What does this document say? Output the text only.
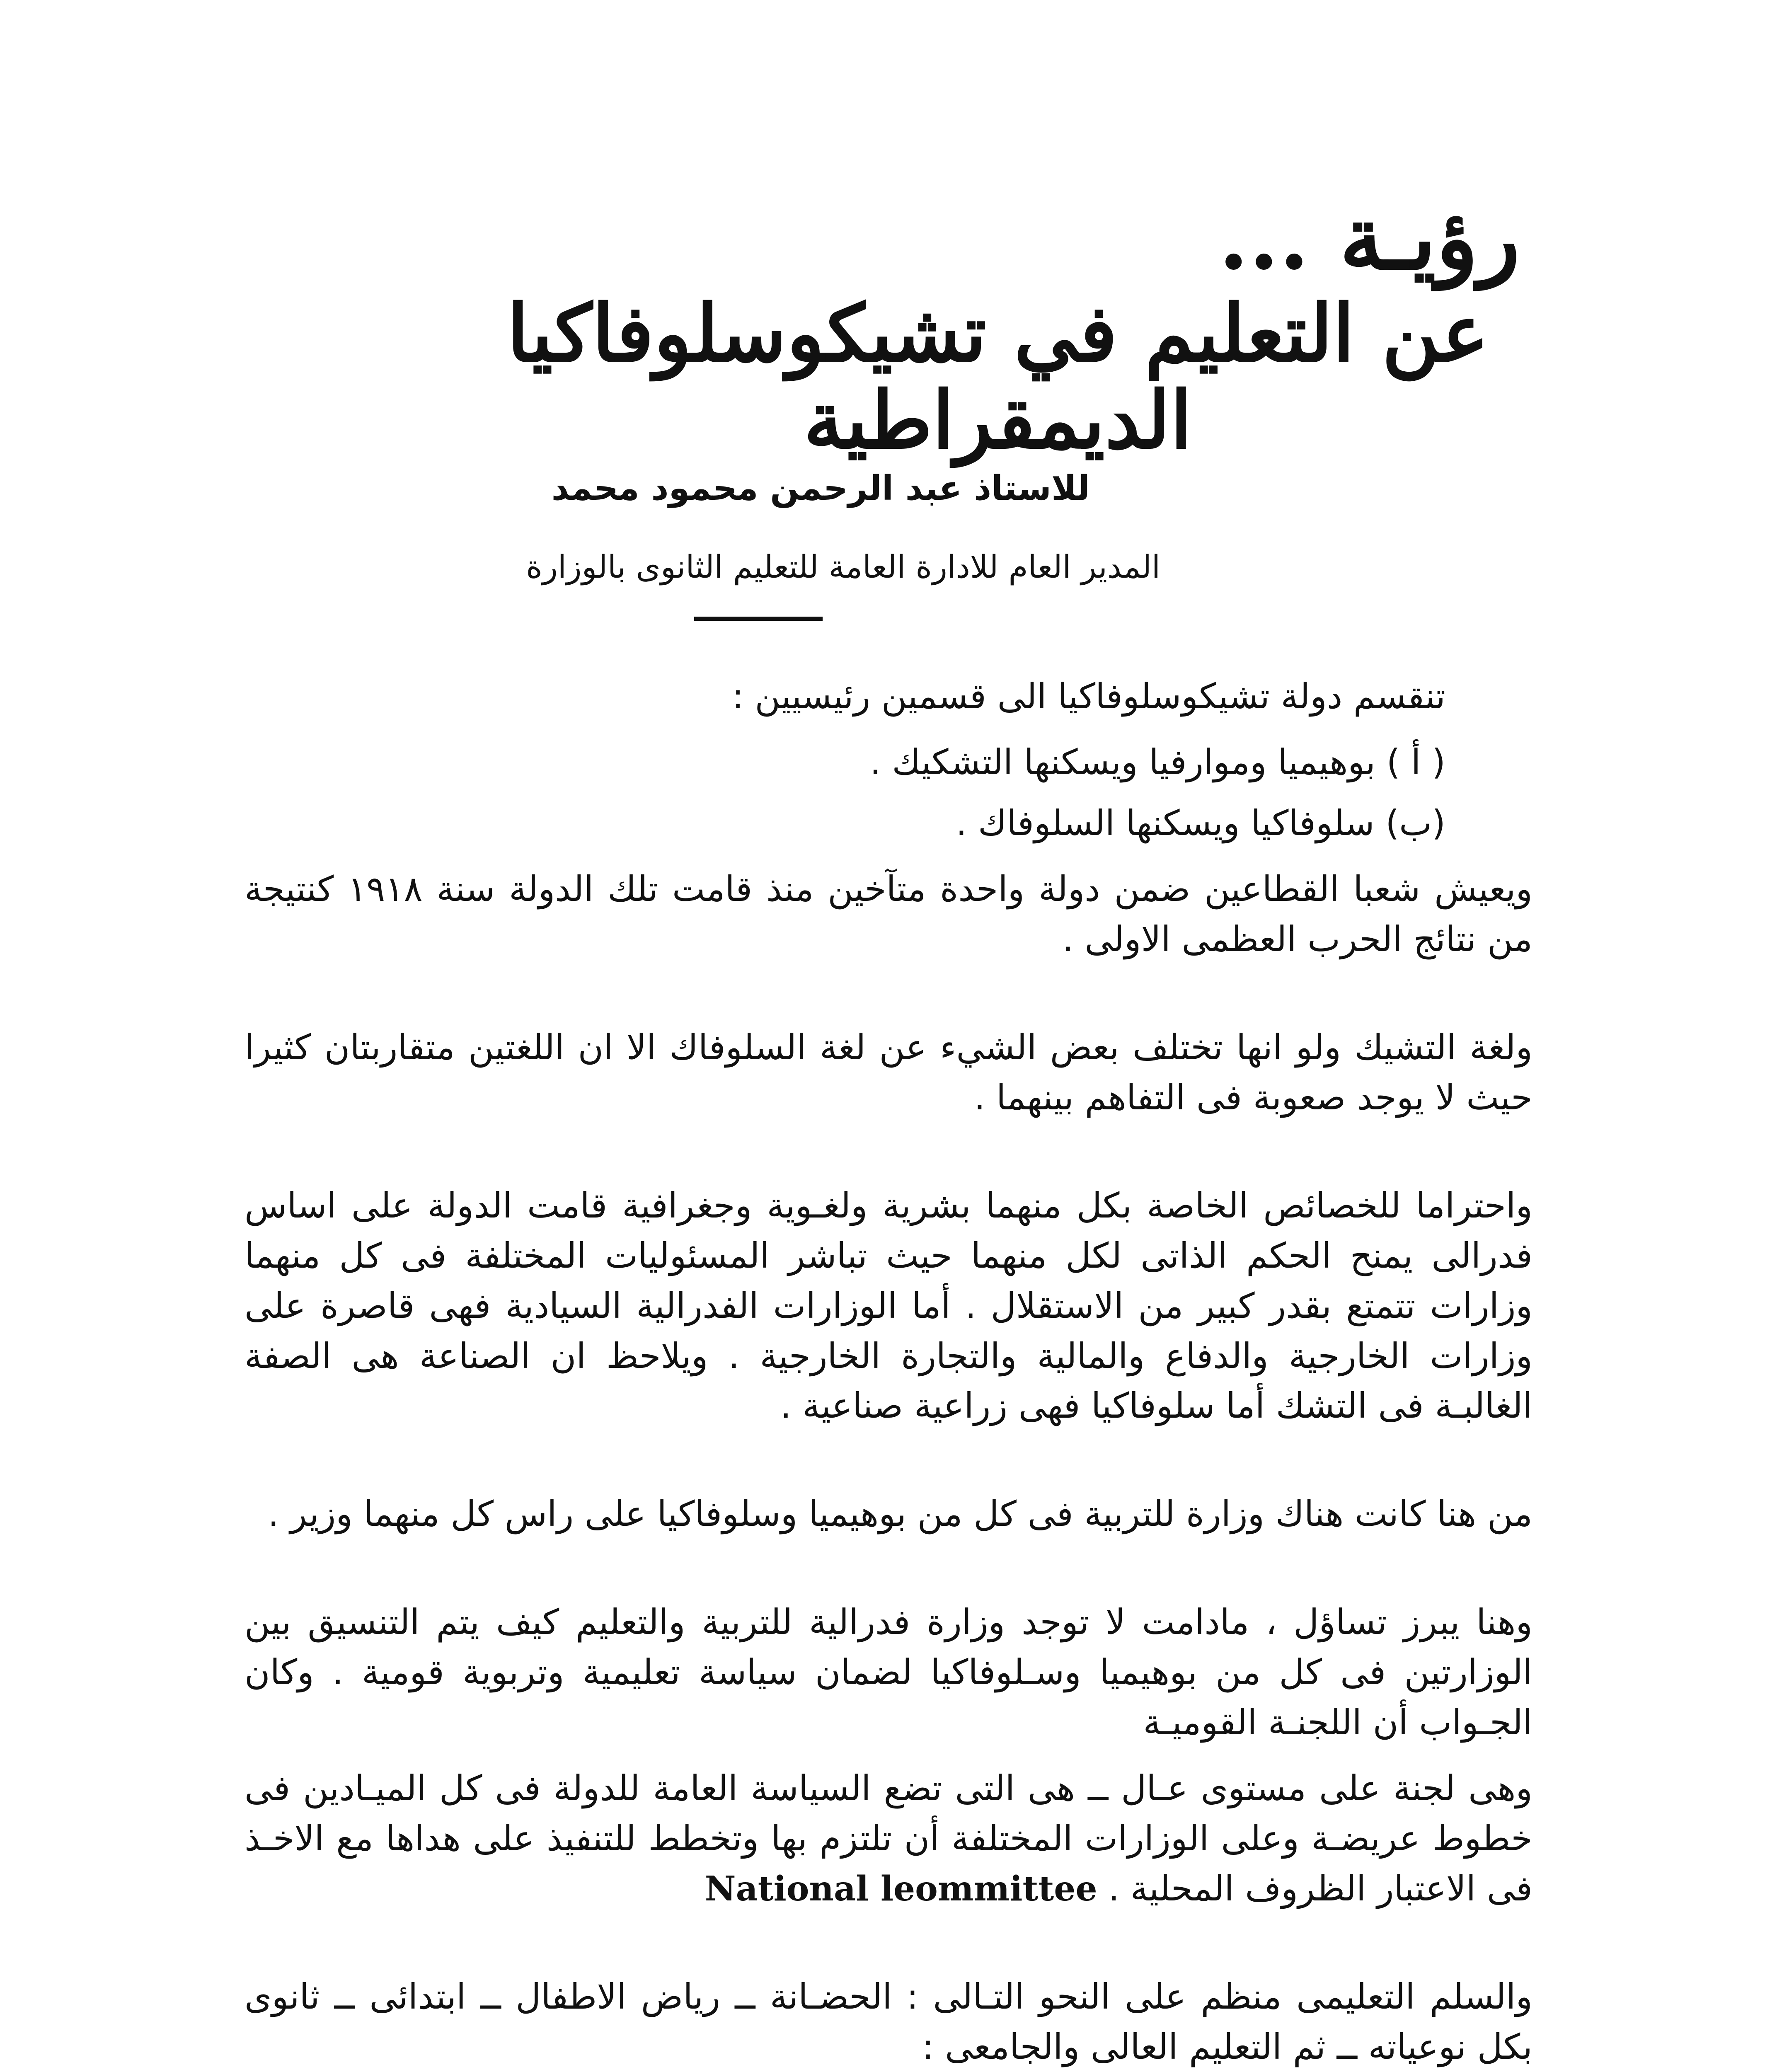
رؤيـة ...
عن التعليم في تشيكوسلوفاكيا الديمقراطية
للاستاذ عبد الرحمن محمود محمد
المدير العام للادارة العامة للتعليم الثانوى بالوزارة

تنقسم دولة تشيكوسلوفاكيا الى قسمين رئيسيين :

( أ ) بوهيميا وموارفيا ويسكنها التشكيك .

(ب) سلوفاكيا ويسكنها السلوفاك .

ويعيش شعبا القطاعين ضمن دولة واحدة متآخين منذ قامت تلك الدولة سنة ١٩١٨ كنتيجة من نتائج الحرب العظمى الاولى .

ولغة التشيك ولو انها تختلف بعض الشيء عن لغة السلوفاك الا ان اللغتين متقاربتان كثيرا حيث لا يوجد صعوبة فى التفاهم بينهما .

واحتراما للخصائص الخاصة بكل منهما بشرية ولغـوية وجغرافية قامت الدولة على اساس فدرالى يمنح الحكم الذاتى لكل منهما حيث تباشر المسئوليات المختلفة فى كل منهما وزارات تتمتع بقدر كبير من الاستقلال . أما الوزارات الفدرالية السيادية فهى قاصرة على وزارات الخارجية والدفاع والمالية والتجارة الخارجية . ويلاحظ ان الصناعة هى الصفة الغالبـة فى التشك أما سلوفاكيا فهى زراعية صناعية .

من هنا كانت هناك وزارة للتربية فى كل من بوهيميا وسلوفاكيا على راس كل منهما وزير .

وهنا يبرز تساؤل ، مادامت لا توجد وزارة فدرالية للتربية والتعليم كيف يتم التنسيق بين الوزارتين فى كل من بوهيميا وسـلوفاكيا لضمان سياسة تعليمية وتربوية قومية . وكان الجـواب أن اللجنـة القوميـة

وهى لجنة على مستوى عـال ــ هى التى تضع السياسة العامة للدولة فى كل الميـادين فى خطوط عريضـة وعلى الوزارات المختلفة أن تلتزم بها وتخطط للتنفيذ على هداها مع الاخـذ فى الاعتبار الظروف المحلية . National leommittee

والسلم التعليمى منظم على النحو التـالى : الحضـانة ــ رياض الاطفال ــ ابتدائى ــ ثانوى بكل نوعياته ــ ثم التعليم العالى والجامعى :
